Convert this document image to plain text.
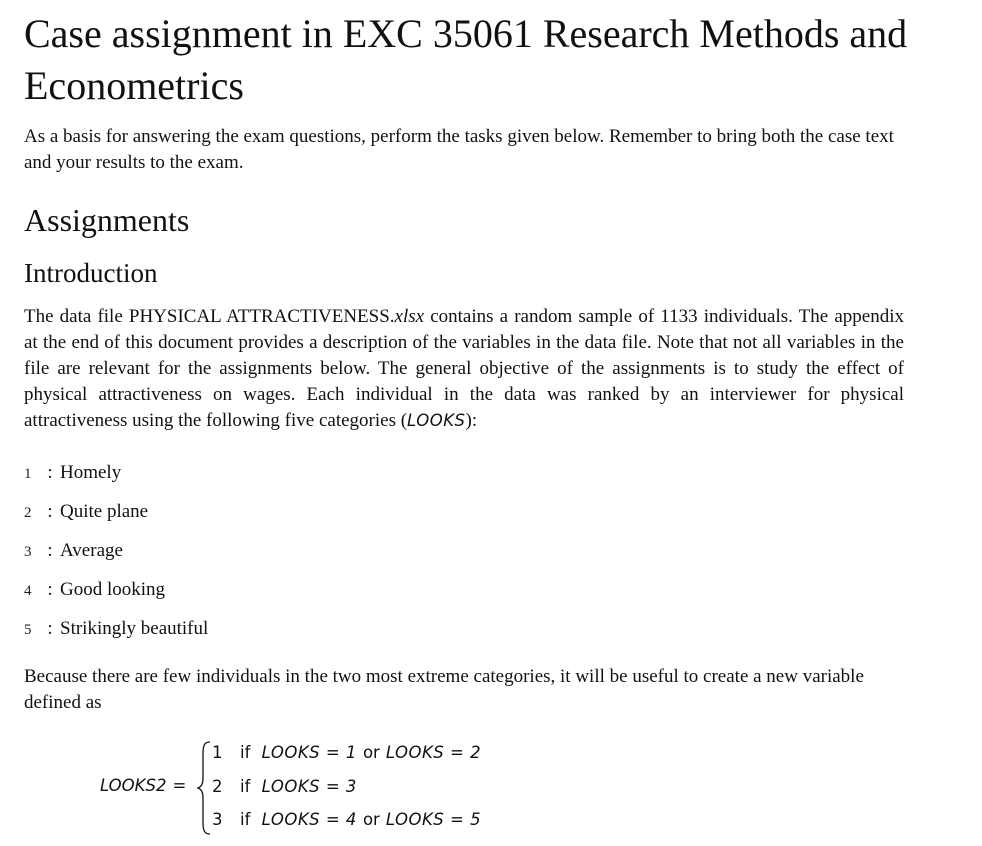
Case assignment in EXC 35061 Research Methods and Econometrics

As a basis for answering the exam questions, perform the tasks given below. Remember to bring both the case text and your results to the exam.

Assignments
Introduction

The data file PHYSICAL ATTRACTIVENESS.xlsx contains a random sample of 1133 individuals. The appendix at the end of this document provides a description of the variables in the data file. Note that not all variables in the file are relevant for the assignments below. The general objective of the assignments is to study the effect of physical attractiveness on wages. Each individual in the data was ranked by an interviewer for physical attractiveness using the following five categories (LOOKS):

1 : Homely
2 : Quite plane
3 : Average
4 : Good looking
5 : Strikingly beautiful

Because there are few individuals in the two most extreme categories, it will be useful to create a new variable defined as

LOOKS2 =
1 if LOOKS = 1 or LOOKS = 2
2 if LOOKS = 3
3 if LOOKS = 4 or LOOKS = 5
